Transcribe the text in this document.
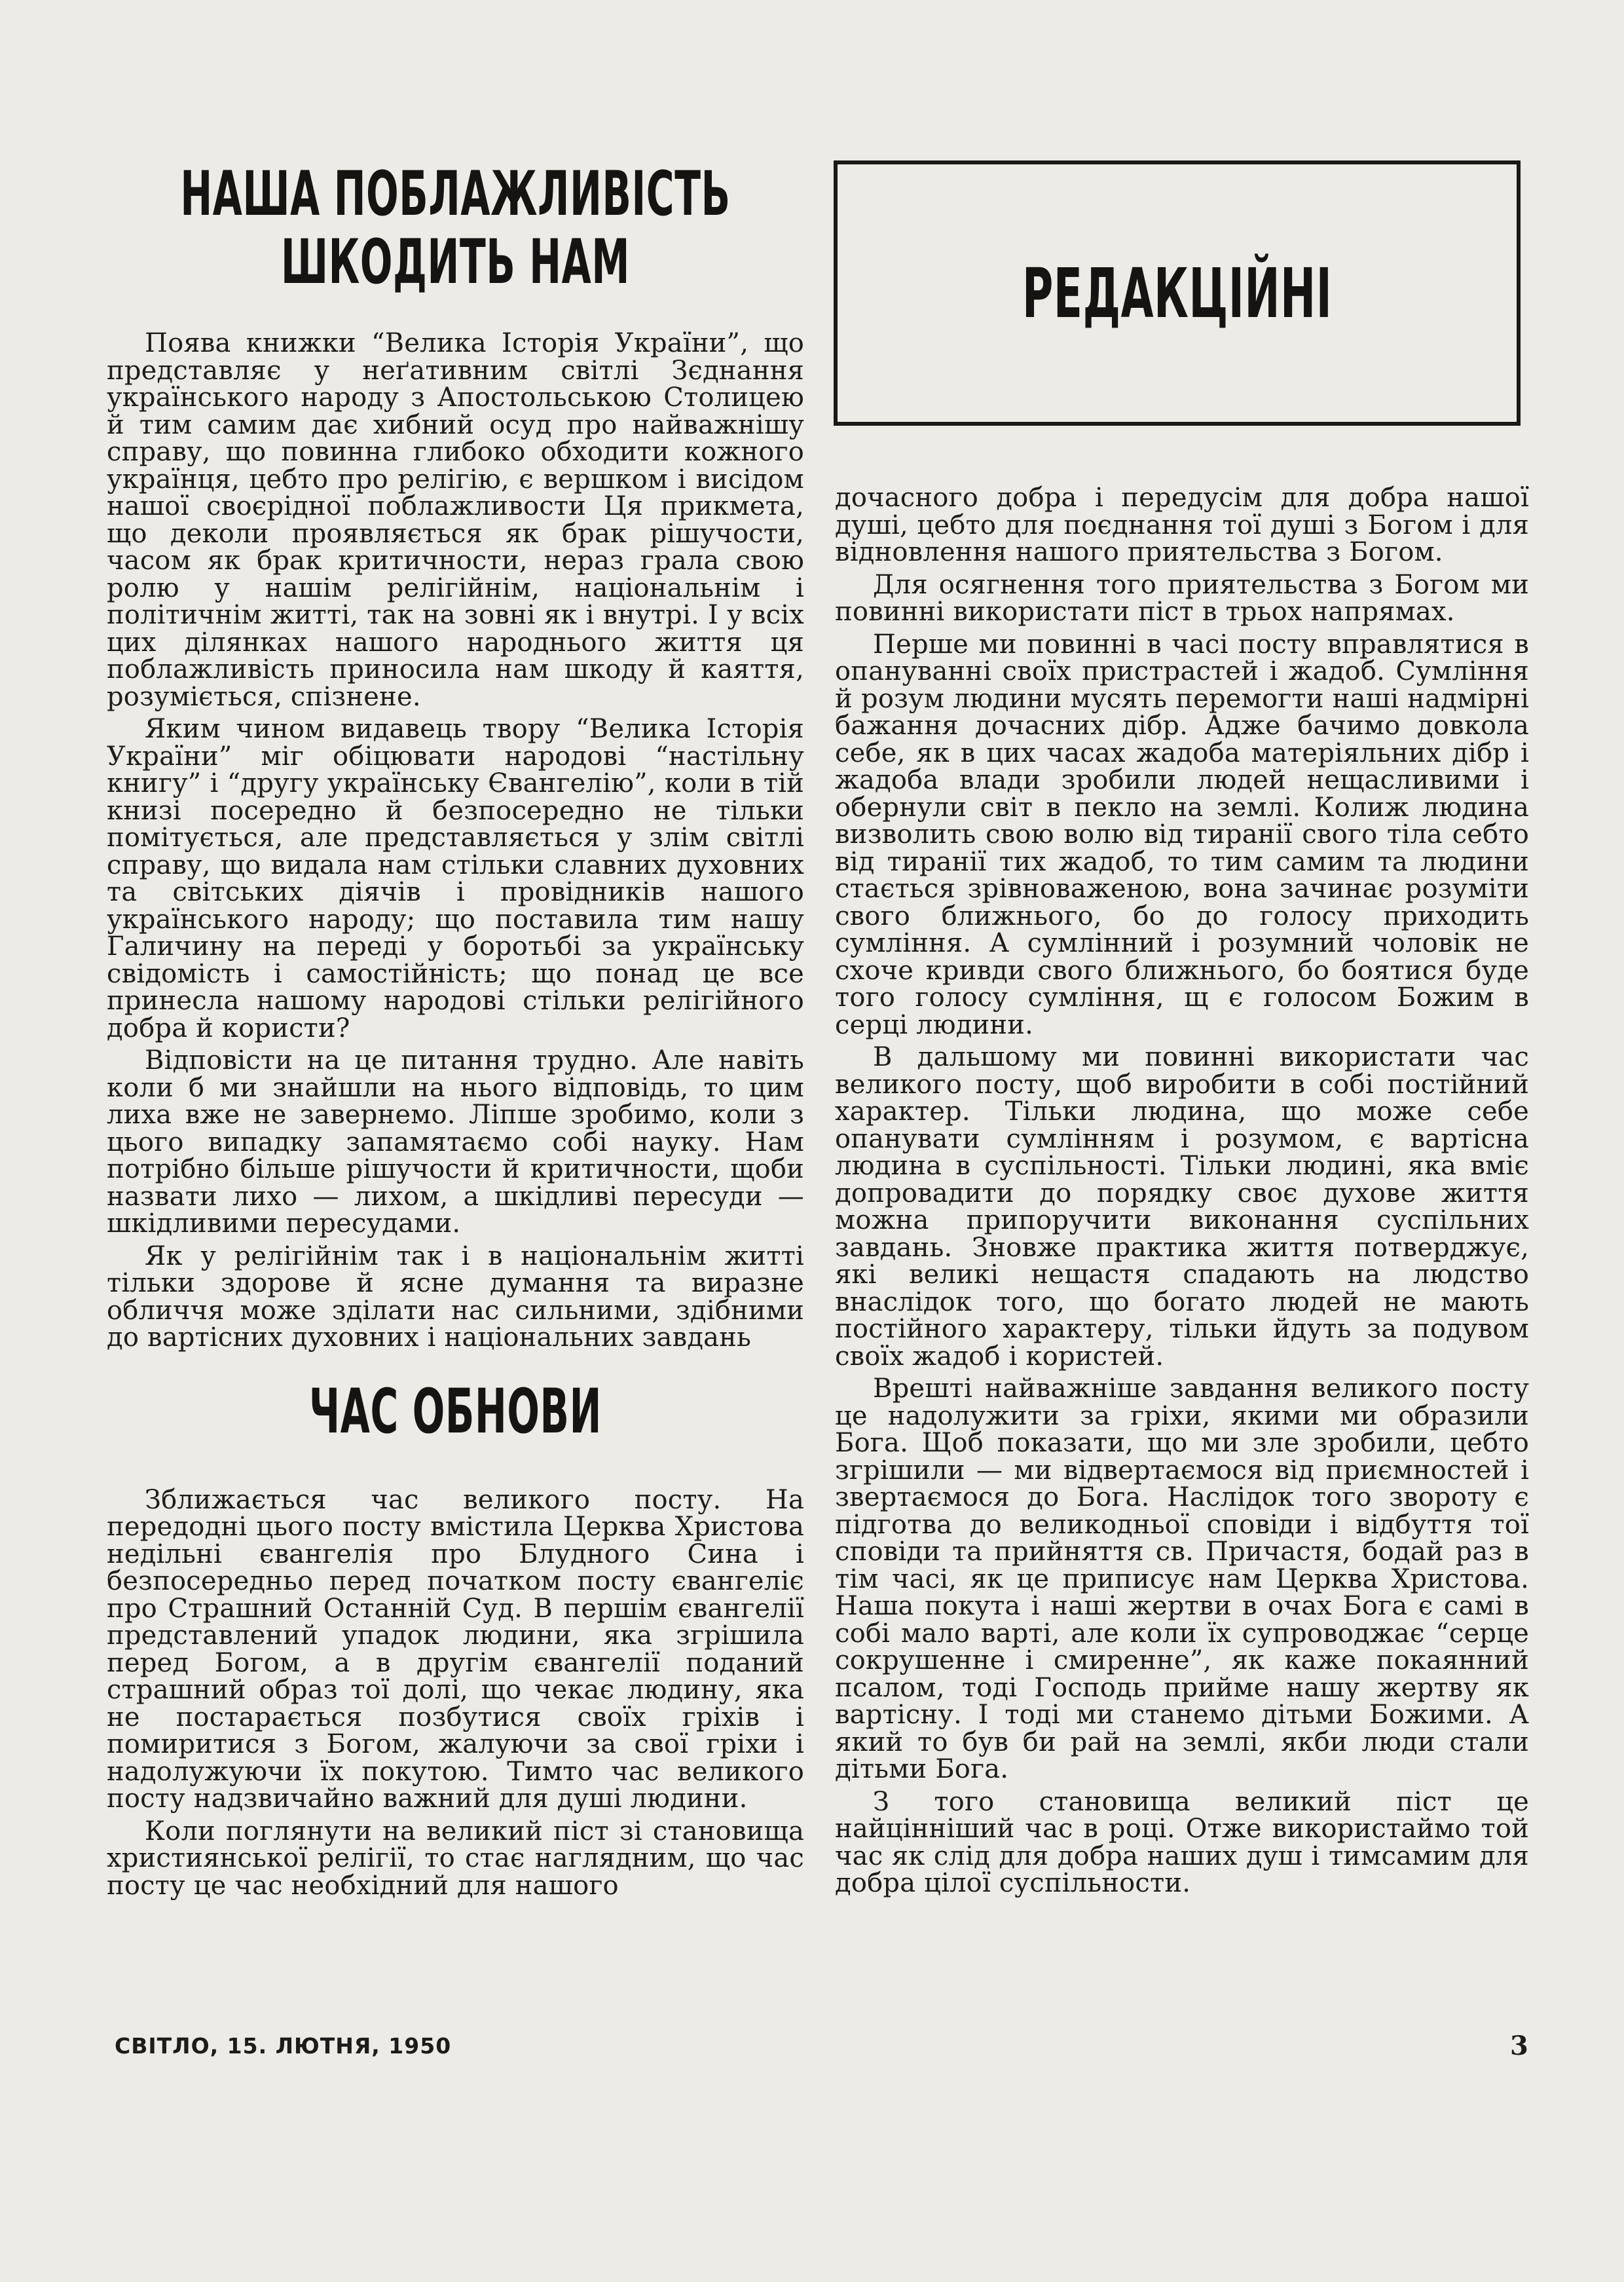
НАША ПОБЛАЖЛИВІСТЬ
ШКОДИТЬ НАМ

Поява книжки “Велика Історія України”, що представляє у неґативним світлі Зєднання українського народу з Апостольською Столицею й тим самим дає хибний осуд про найважнішу справу, що повинна глибоко обходити кожного українця, цебто про релігію, є вершком і висідом нашої своєрідної поблажливости Ця прикмета, що деколи проявляється як брак рішучости, часом як брак критичности, нераз грала свою ролю у нашім релігійнім, національнім і політичнім житті, так на зовні як і внутрі. І у всіх цих ділянках нашого народнього життя ця поблажливість приносила нам шкоду й каяття, розуміється, спізнене.

Яким чином видавець твору “Велика Історія України” міг обіцювати народові “настільну книгу” і “другу українську Євангелію”, коли в тій книзі посередно й безпосередно не тільки помітується, але представляється у злім світлі справу, що видала нам стільки славних духовних та світських діячів і провідників нашого українського народу; що поставила тим нашу Галичину на переді у боротьбі за українську свідомість і самостійність; що понад це все принесла нашому народові стільки релігійного добра й користи?

Відповісти на це питання трудно. Але навіть коли б ми знайшли на нього відповідь, то цим лиха вже не завернемо. Ліпше зробимо, коли з цього випадку запамятаємо собі науку. Нам потрібно більше рішучости й критичности, щоби назвати лихо — лихом, а шкідливі пересуди — шкідливими пересудами.

Як у релігійнім так і в національнім житті тільки здорове й ясне думання та виразне обличчя може зділати нас сильними, здібними до вартісних духовних і національних завдань

ЧАС ОБНОВИ

Зближається час великого посту. На передодні цього посту вмістила Церква Христова недільні євангелія про Блудного Сина і безпосередньо перед початком посту євангеліє про Страшний Останній Суд. В першім євангелії представлений упадок людини, яка згрішила перед Богом, а в другім євангелії поданий страшний образ тої долі, що чекає людину, яка не постарається позбутися своїх гріхів і помиритися з Богом, жалуючи за свої гріхи і надолужуючи їх покутою. Тимто час великого посту надзвичайно важний для душі людини.

Коли поглянути на великий піст зі становища християнської релігії, то стає наглядним, що час посту це час необхідний для нашого

РЕДАКЦІЙНІ

дочасного добра і передусім для добра нашої душі, цебто для поєднання тої душі з Богом і для відновлення нашого приятельства з Богом.

Для осягнення того приятельства з Богом ми повинні використати піст в трьох напрямах.

Перше ми повинні в часі посту вправлятися в опануванні своїх пристрастей і жадоб. Сумління й розум людини мусять перемогти наші надмірні бажання дочасних дібр. Адже бачимо довкола себе, як в цих часах жадоба матеріяльних дібр і жадоба влади зробили людей нещасливими і обернули світ в пекло на землі. Колиж людина визволить свою волю від тиранії свого тіла себто від тиранії тих жадоб, то тим самим та людини стається зрівноваженою, вона зачинає розуміти свого ближнього, бо до голосу приходить сумління. А сумлінний і розумний чоловік не схоче кривди свого ближнього, бо боятися буде того голосу сумління, щ є голосом Божим в серці людини.

В дальшому ми повинні використати час великого посту, щоб виробити в собі постійний характер. Тільки людина, що може себе опанувати сумлінням і розумом, є вартісна людина в суспільності. Тільки людині, яка вміє допровадити до порядку своє духове життя можна припоручити виконання суспільних завдань. Зновже практика життя потверджує, які великі нещастя спадають на людство внаслідок того, що богато людей не мають постійного характеру, тільки йдуть за подувом своїх жадоб і користей.

Врешті найважніше завдання великого посту це надолужити за гріхи, якими ми образили Бога. Щоб показати, що ми зле зробили, цебто згрішили — ми відвертаємося від приємностей і звертаємося до Бога. Наслідок того звороту є підготва до великодньої сповіди і відбуття тої сповіди та прийняття св. Причастя, бодай раз в тім часі, як це приписує нам Церква Христова. Наша покута і наші жертви в очах Бога є самі в собі мало варті, але коли їх супроводжає “серце сокрушенне і смиренне”, як каже покаянний псалом, тоді Господь прийме нашу жертву як вартісну. І тоді ми станемо дітьми Божими. А який то був би рай на землі, якби люди стали дітьми Бога.

З того становища великий піст це найцінніший час в році. Отже використаймо той час як слід для добра наших душ і тимсамим для добра цілої суспільности.

СВІТЛО, 15. ЛЮТНЯ, 1950	3
